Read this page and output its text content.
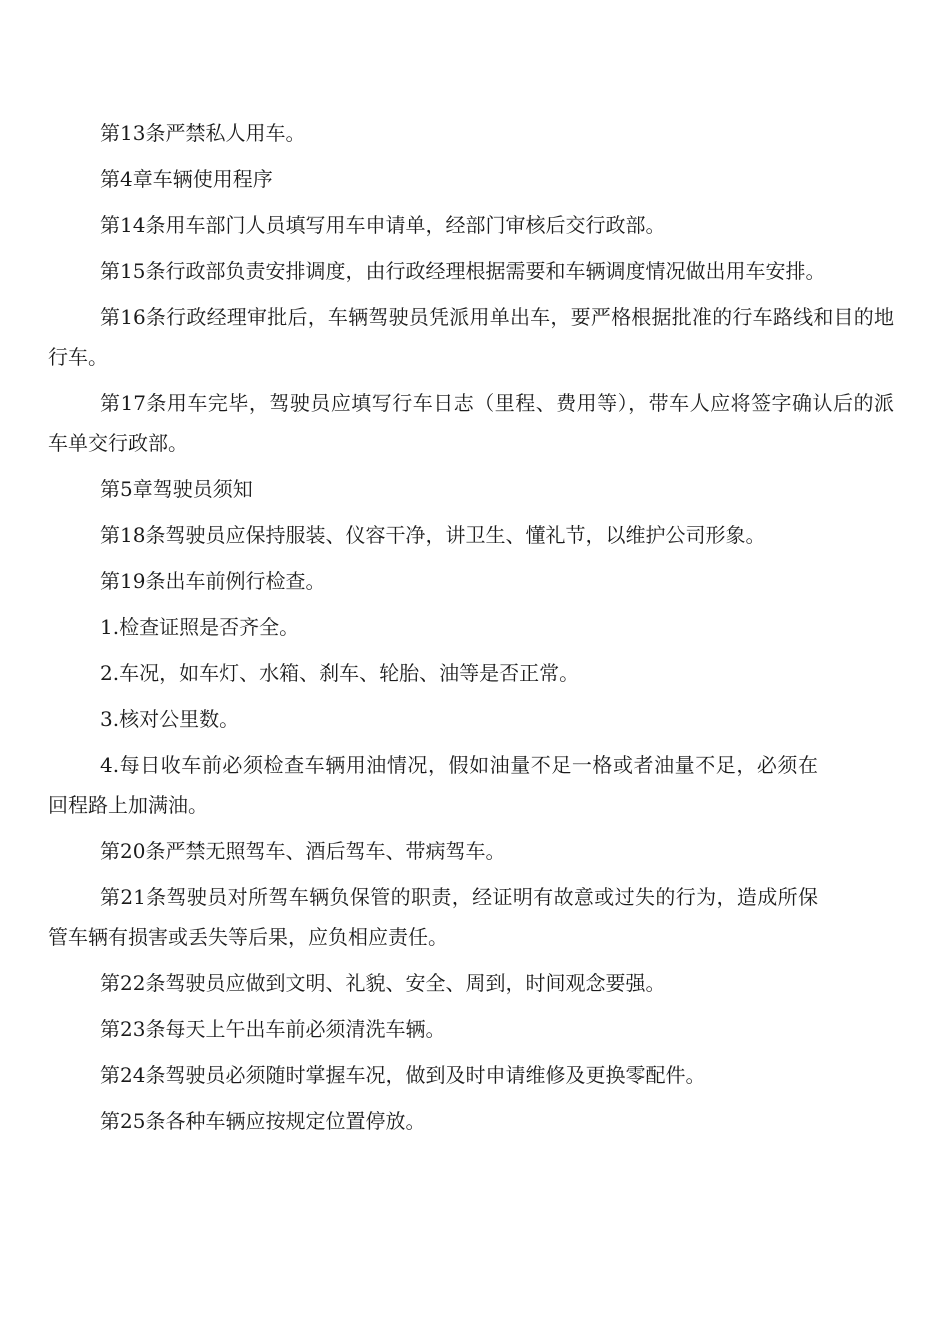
第13条严禁私人用车。

第4章车辆使用程序

第14条用车部门人员填写用车申请单，经部门审核后交行政部。

第15条行政部负责安排调度，由行政经理根据需要和车辆调度情况做出用车安排。

第16条行政经理审批后，车辆驾驶员凭派用单出车，要严格根据批准的行车路线和目的地行车。

第17条用车完毕，驾驶员应填写行车日志（里程、费用等），带车人应将签字确认后的派车单交行政部。

第5章驾驶员须知

第18条驾驶员应保持服装、仪容干净，讲卫生、懂礼节，以维护公司形象。

第19条出车前例行检查。

1.检查证照是否齐全。

2.车况，如车灯、水箱、刹车、轮胎、油等是否正常。

3.核对公里数。

4.每日收车前必须检查车辆用油情况，假如油量不足一格或者油量不足，必须在回程路上加满油。

第20条严禁无照驾车、酒后驾车、带病驾车。

第21条驾驶员对所驾车辆负保管的职责，经证明有故意或过失的行为，造成所保管车辆有损害或丢失等后果，应负相应责任。

第22条驾驶员应做到文明、礼貌、安全、周到，时间观念要强。

第23条每天上午出车前必须清洗车辆。

第24条驾驶员必须随时掌握车况，做到及时申请维修及更换零配件。

第25条各种车辆应按规定位置停放。
